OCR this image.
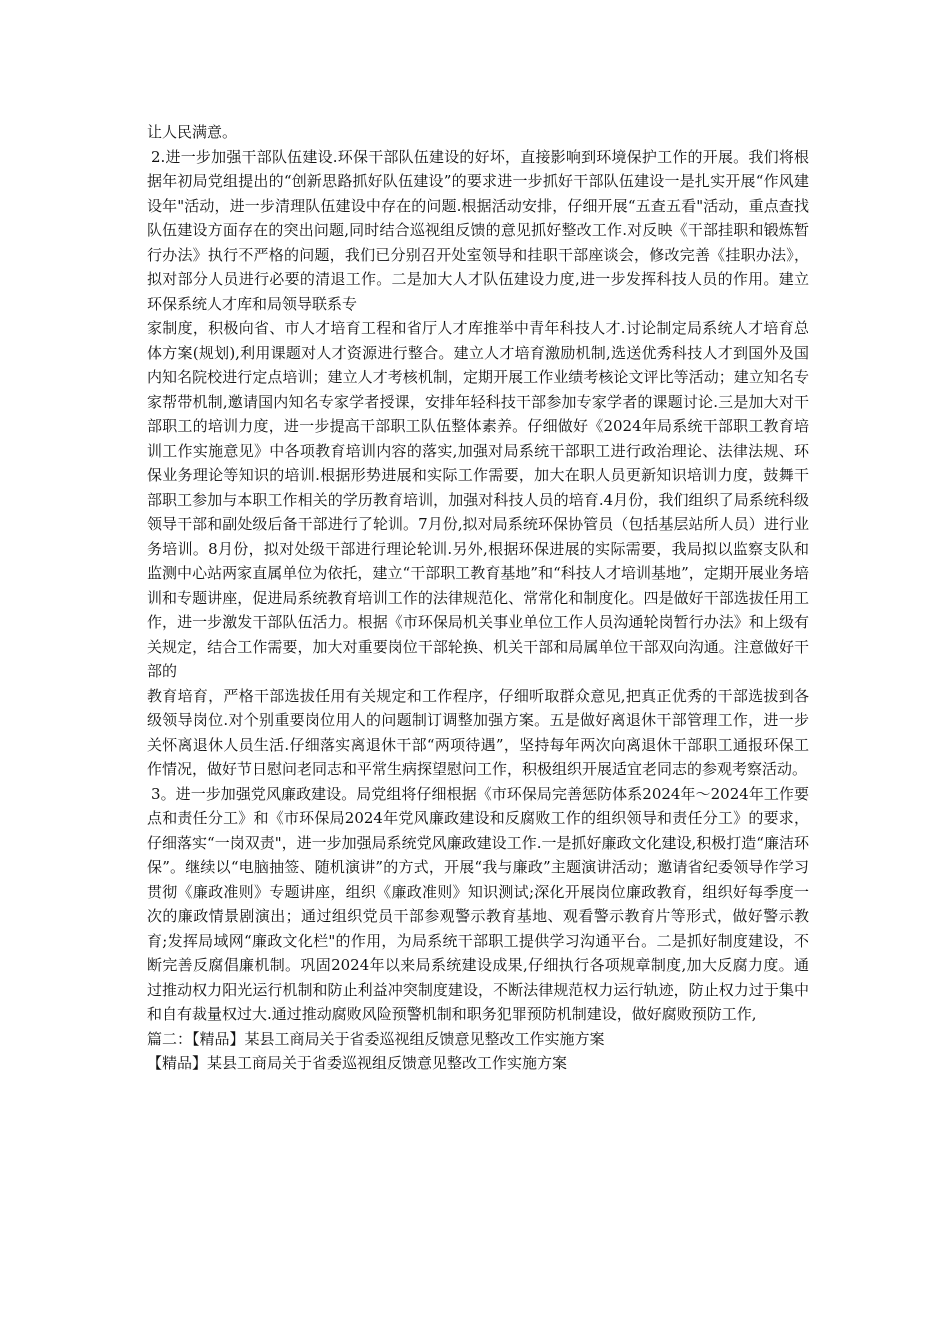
让人民满意。

2.进一步加强干部队伍建设.环保干部队伍建设的好坏，直接影响到环境保护工作的开展。我们将根据年初局党组提出的“创新思路抓好队伍建设”的要求进一步抓好干部队伍建设一是扎实开展“作风建设年"活动，进一步清理队伍建设中存在的问题.根据活动安排，仔细开展“五查五看"活动，重点查找队伍建设方面存在的突出问题,同时结合巡视组反馈的意见抓好整改工作.对反映《干部挂职和锻炼暂行办法》执行不严格的问题，我们已分别召开处室领导和挂职干部座谈会，修改完善《挂职办法》，拟对部分人员进行必要的清退工作。二是加大人才队伍建设力度,进一步发挥科技人员的作用。建立环保系统人才库和局领导联系专

家制度，积极向省、市人才培育工程和省厅人才库推举中青年科技人才.讨论制定局系统人才培育总体方案(规划),利用课题对人才资源进行整合。建立人才培育激励机制,选送优秀科技人才到国外及国内知名院校进行定点培训；建立人才考核机制，定期开展工作业绩考核论文评比等活动；建立知名专家帮带机制,邀请国内知名专家学者授课，安排年轻科技干部参加专家学者的课题讨论.三是加大对干部职工的培训力度，进一步提高干部职工队伍整体素养。仔细做好《2024年局系统干部职工教育培训工作实施意见》中各项教育培训内容的落实,加强对局系统干部职工进行政治理论、法律法规、环保业务理论等知识的培训.根据形势进展和实际工作需要，加大在职人员更新知识培训力度，鼓舞干部职工参加与本职工作相关的学历教育培训，加强对科技人员的培育.4月份，我们组织了局系统科级领导干部和副处级后备干部进行了轮训。7月份,拟对局系统环保协管员（包括基层站所人员）进行业务培训。8月份，拟对处级干部进行理论轮训.另外,根据环保进展的实际需要，我局拟以监察支队和监测中心站两家直属单位为依托，建立“干部职工教育基地”和“科技人才培训基地”，定期开展业务培训和专题讲座，促进局系统教育培训工作的法律规范化、常常化和制度化。四是做好干部选拔任用工作，进一步激发干部队伍活力。根据《市环保局机关事业单位工作人员沟通轮岗暂行办法》和上级有关规定，结合工作需要，加大对重要岗位干部轮换、机关干部和局属单位干部双向沟通。注意做好干部的

教育培育，严格干部选拔任用有关规定和工作程序，仔细听取群众意见,把真正优秀的干部选拔到各级领导岗位.对个别重要岗位用人的问题制订调整加强方案。五是做好离退休干部管理工作，进一步关怀离退休人员生活.仔细落实离退休干部“两项待遇”，坚持每年两次向离退休干部职工通报环保工作情况，做好节日慰问老同志和平常生病探望慰问工作，积极组织开展适宜老同志的参观考察活动。

3。进一步加强党风廉政建设。局党组将仔细根据《市环保局完善惩防体系2024年～2024年工作要点和责任分工》和《市环保局2024年党风廉政建设和反腐败工作的组织领导和责任分工》的要求，仔细落实“一岗双责"，进一步加强局系统党风廉政建设工作.一是抓好廉政文化建设,积极打造“廉洁环保”。继续以“电脑抽签、随机演讲”的方式，开展“我与廉政”主题演讲活动；邀请省纪委领导作学习贯彻《廉政准则》专题讲座，组织《廉政准则》知识测试;深化开展岗位廉政教育，组织好每季度一次的廉政情景剧演出；通过组织党员干部参观警示教育基地、观看警示教育片等形式，做好警示教育;发挥局域网“廉政文化栏"的作用，为局系统干部职工提供学习沟通平台。二是抓好制度建设，不断完善反腐倡廉机制。巩固2024年以来局系统建设成果,仔细执行各项规章制度,加大反腐力度。通过推动权力阳光运行机制和防止利益冲突制度建设，不断法律规范权力运行轨迹，防止权力过于集中和自有裁量权过大.通过推动腐败风险预警机制和职务犯罪预防机制建设，做好腐败预防工作,

篇二：【精品】某县工商局关于省委巡视组反馈意见整改工作实施方案

【精品】某县工商局关于省委巡视组反馈意见整改工作实施方案
